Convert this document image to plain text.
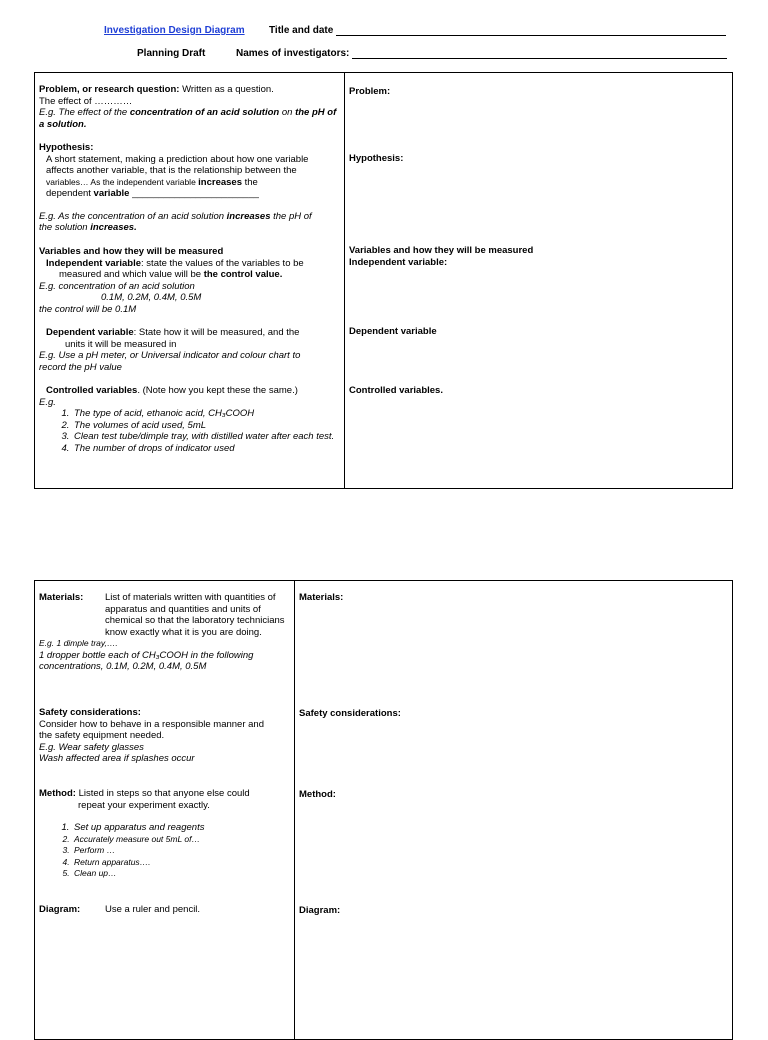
Investigation Design Diagram Title and date
Planning Draft	Names of investigators:
Problem, or research question: Written as a question.
The effect of …………
E.g. The effect of the concentration of an acid solution on the pH of a solution.
Hypothesis:
A short statement, making a prediction about how one variable
affects another variable, that is the relationship between the
variables… As the independent variable increases the
dependent variable ________________________
E.g. As the concentration of an acid solution increases the pH of
the solution increases.
Variables and how they will be measured
Independent variable: state the values of the variables to be
measured and which value will be the control value.
E.g. concentration of an acid solution
0.1M, 0.2M, 0.4M, 0.5M
the control will be 0.1M
Dependent variable: State how it will be measured, and the
units it will be measured in
E.g. Use a pH meter, or Universal indicator and colour chart to
record the pH value
Controlled variables. (Note how you kept these the same.)
E.g.
1. The type of acid, ethanoic acid, CH₃COOH
2. The volumes of acid used, 5mL
3. Clean test tube/dimple tray, with distilled water after each test.
4. The number of drops of indicator used
Problem:
Hypothesis:
Variables and how they will be measured
Independent variable:
Dependent variable
Controlled variables.
Materials: List of materials written with quantities of apparatus and quantities and units of chemical so that the laboratory technicians know exactly what it is you are doing.
E.g. 1 dimple tray,….
1 dropper bottle each of CH₃COOH in the following
concentrations, 0.1M, 0.2M, 0.4M, 0.5M
Safety considerations:
Consider how to behave in a responsible manner and
the safety equipment needed.
E.g. Wear safety glasses
Wash affected area if splashes occur
Method: Listed in steps so that anyone else could
repeat your experiment exactly.
1. Set up apparatus and reagents
2. Accurately measure out 5mL of…
3. Perform …
4. Return apparatus….
5. Clean up…
Diagram:	Use a ruler and pencil.
Materials:
Safety considerations:
Method:
Diagram:
